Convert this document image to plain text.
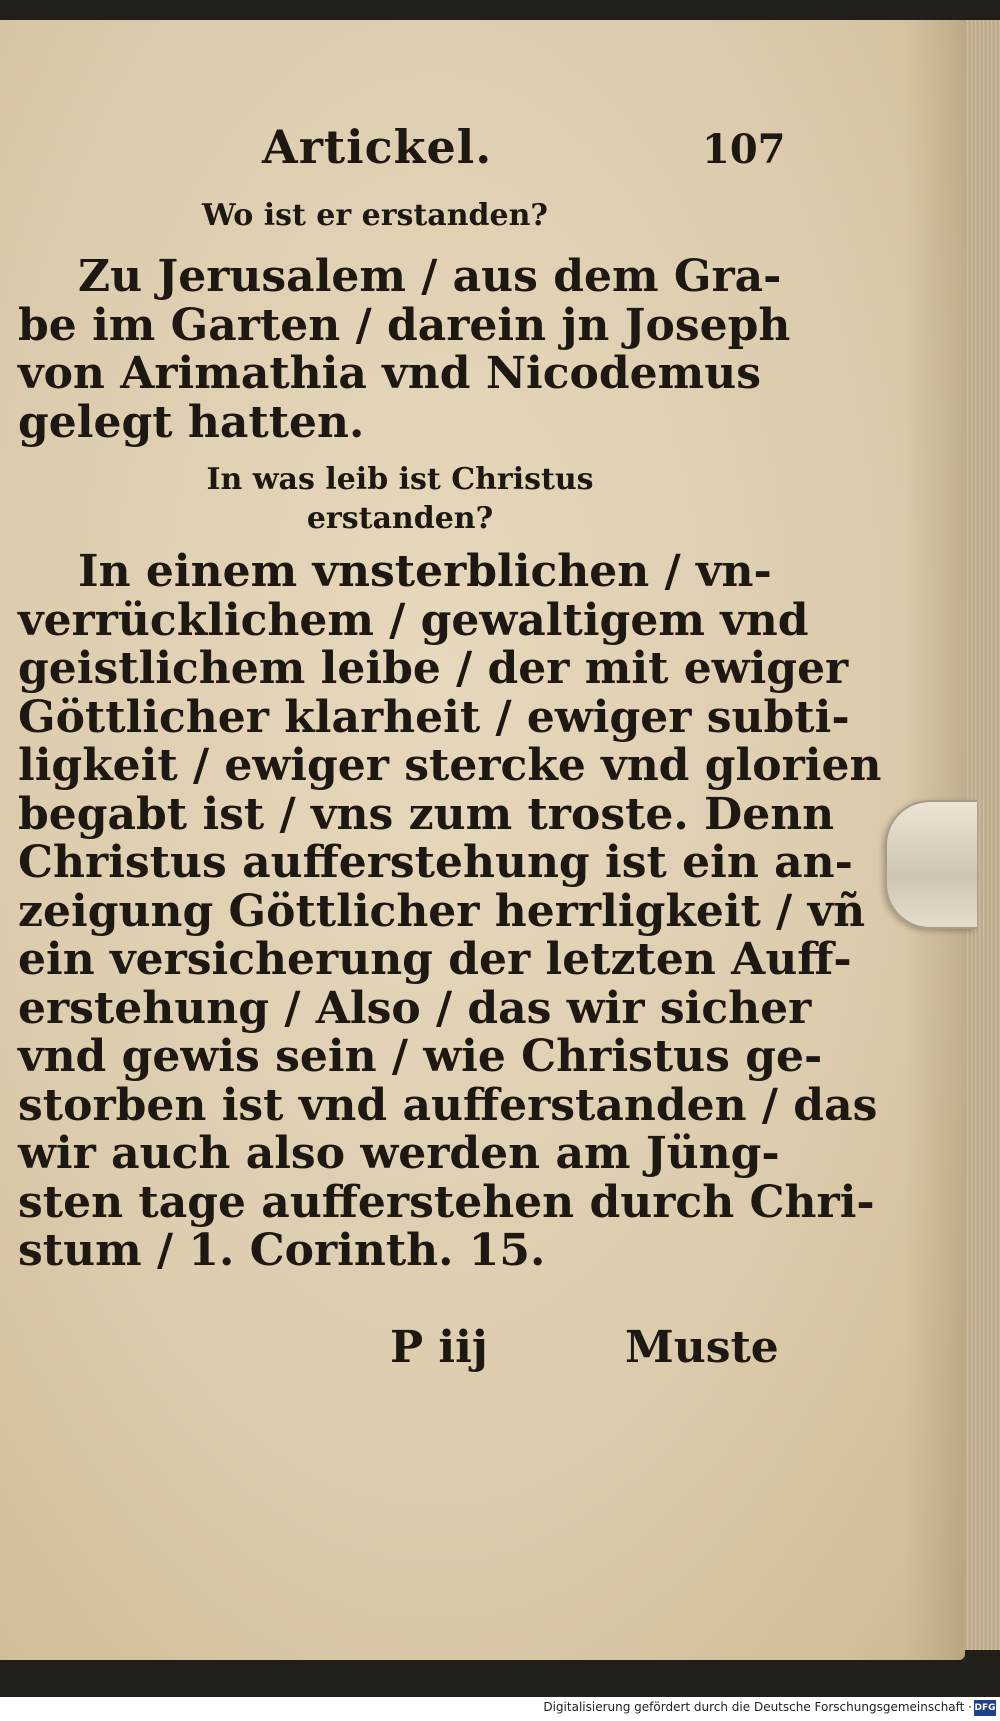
Artickel.	107
Wo ist er erstanden?

Zu Jerusalem / aus dem Gra-
be im Garten / darein jn Joseph
von Arimathia vnd Nicodemus
gelegt hatten.

In was leib ist Christus
erstanden?

In einem vnsterblichen / vn-
verrücklichem / gewaltigem vnd
geistlichem leibe / der mit ewiger
Göttlicher klarheit / ewiger subti-
ligkeit / ewiger stercke vnd glorien
begabt ist / vns zum troste. Denn
Christus aufferstehung ist ein an-
zeigung Göttlicher herrligkeit / vñ
ein versicherung der letzten Auff-
erstehung / Also / das wir sicher
vnd gewis sein / wie Christus ge-
storben ist vnd aufferstanden / das
wir auch also werden am Jüng-
sten tage aufferstehen durch Chri-
stum / 1. Corinth. 15.

P iij	Muste
Digitalisierung gefördert durch die Deutsche Forschungsgemeinschaft · DFG
